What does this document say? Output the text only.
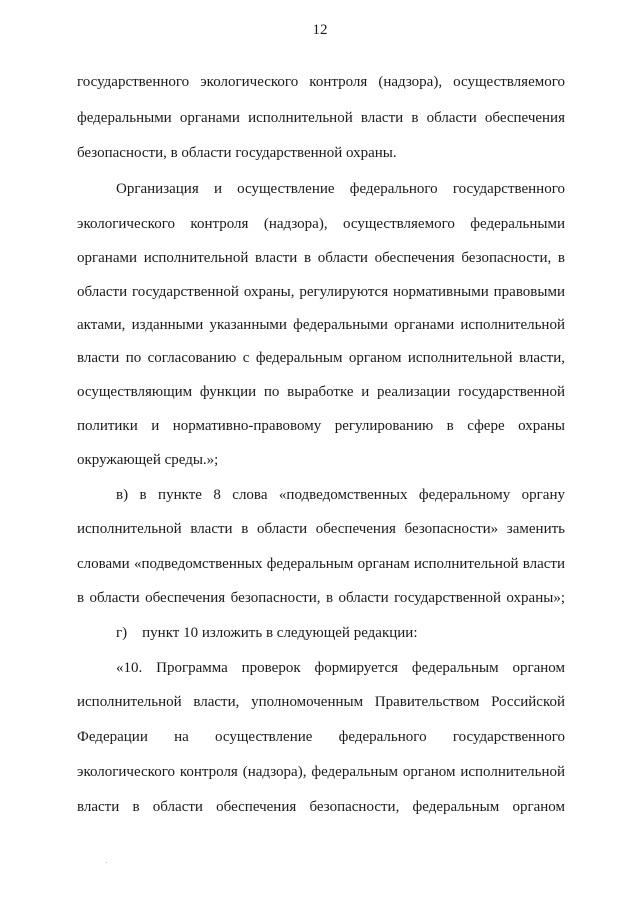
12
государственного экологического контроля (надзора), осуществляемого
федеральными органами исполнительной власти в области обеспечения
безопасности, в области государственной охраны.
Организация и осуществление федерального государственного
экологического контроля (надзора), осуществляемого федеральными
органами исполнительной власти в области обеспечения безопасности, в
области государственной охраны, регулируются нормативными правовыми
актами, изданными указанными федеральными органами исполнительной
власти по согласованию с федеральным органом исполнительной власти,
осуществляющим функции по выработке и реализации государственной
политики и нормативно-правовому регулированию в сфере охраны
окружающей среды.»;
в) в пункте 8 слова «подведомственных федеральному органу
исполнительной власти в области обеспечения безопасности» заменить
словами «подведомственных федеральным органам исполнительной власти
в области обеспечения безопасности, в области государственной охраны»;
г)    пункт 10 изложить в следующей редакции:
«10. Программа проверок формируется федеральным органом
исполнительной власти, уполномоченным Правительством Российской
Федерации на осуществление федерального государственного
экологического контроля (надзора), федеральным органом исполнительной
власти в области обеспечения безопасности, федеральным органом
